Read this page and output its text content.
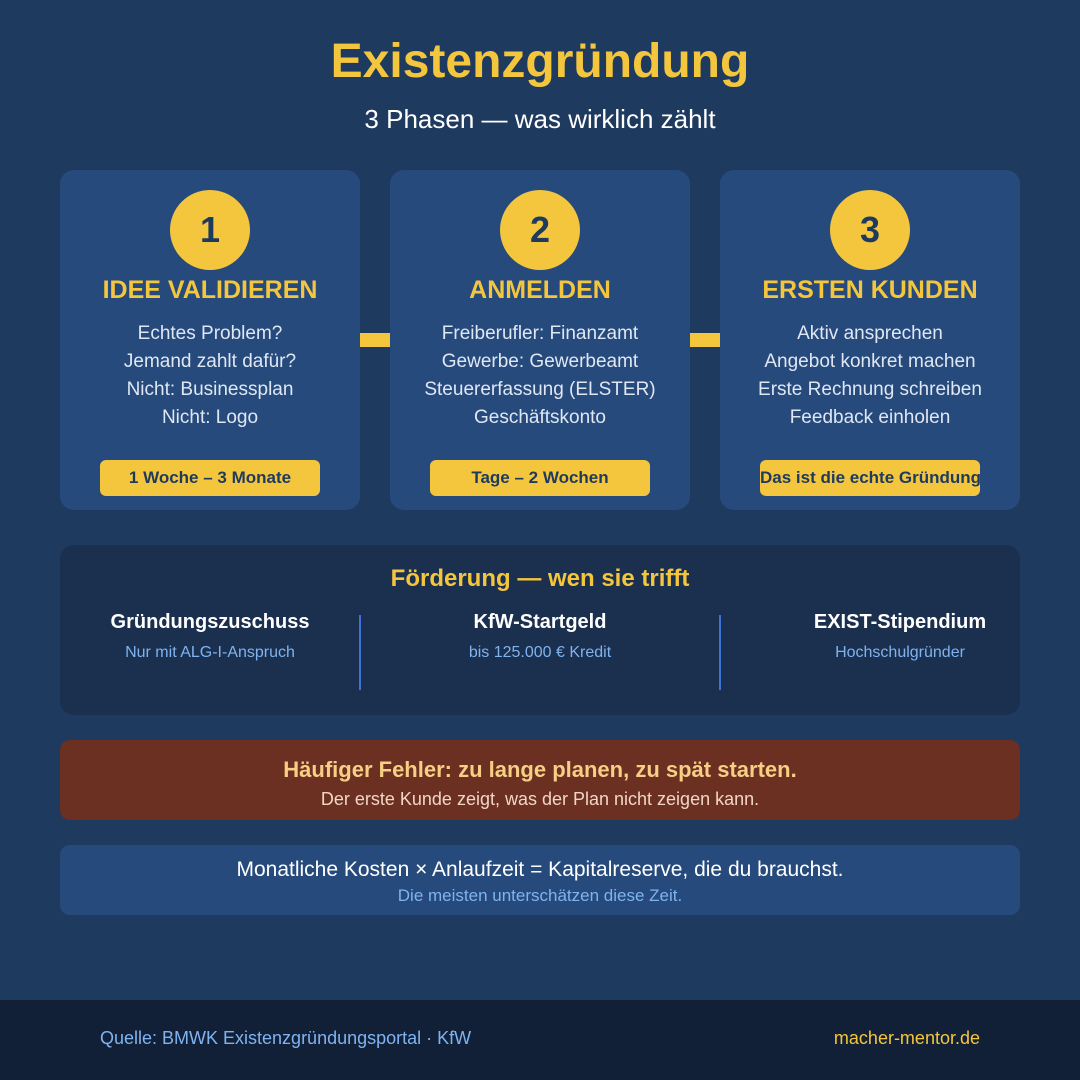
Existenzgründung
3 Phasen — was wirklich zählt
1
IDEE VALIDIEREN
Echtes Problem?
Jemand zahlt dafür?
Nicht: Businessplan
Nicht: Logo
1 Woche – 3 Monate
2
ANMELDEN
Freiberufler: Finanzamt
Gewerbe: Gewerbeamt
Steuererfassung (ELSTER)
Geschäftskonto
Tage – 2 Wochen
3
ERSTEN KUNDEN
Aktiv ansprechen
Angebot konkret machen
Erste Rechnung schreiben
Feedback einholen
Das ist die echte Gründung
Förderung — wen sie trifft
Gründungszuschuss
Nur mit ALG-I-Anspruch
KfW-Startgeld
bis 125.000 € Kredit
EXIST-Stipendium
Hochschulgründer
Häufiger Fehler: zu lange planen, zu spät starten.
Der erste Kunde zeigt, was der Plan nicht zeigen kann.
Monatliche Kosten × Anlaufzeit = Kapitalreserve, die du brauchst.
Die meisten unterschätzen diese Zeit.
Quelle: BMWK Existenzgründungsportal · KfW	macher-mentor.de
